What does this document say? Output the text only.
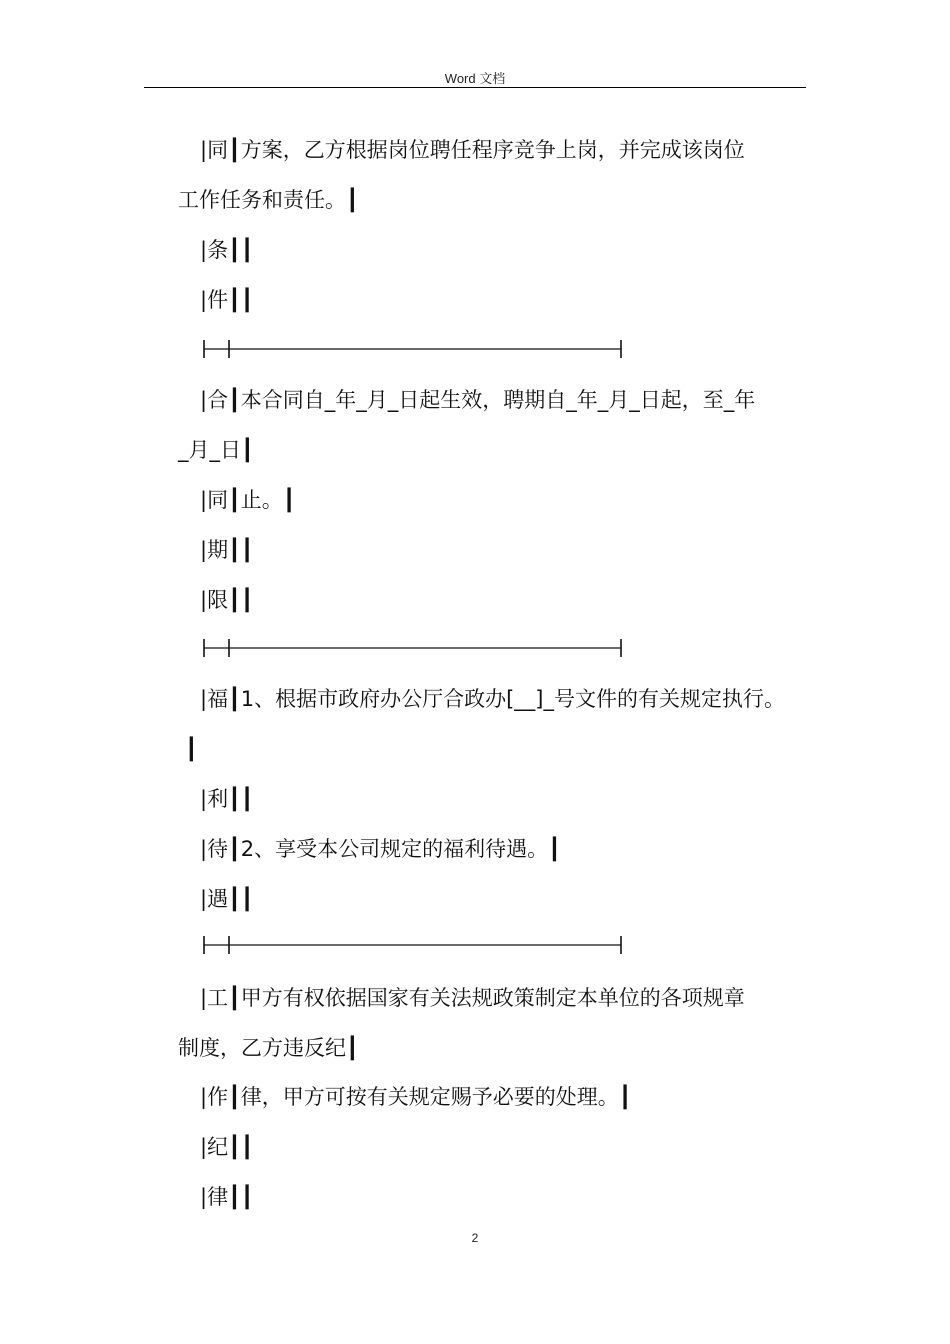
Word 文档
|同┃方案，乙方根据岗位聘任程序竞争上岗，并完成该岗位
工作任务和责任。┃
|条┃┃
|件┃┃
|合┃本合同自_年_月_日起生效，聘期自_年_月_日起，至_年
_月_日┃
|同┃止。┃
|期┃┃
|限┃┃
|福┃1、根据市政府办公厅合政办[__]_号文件的有关规定执行。
┃
|利┃┃
|待┃2、享受本公司规定的福利待遇。┃
|遇┃┃
|工┃甲方有权依据国家有关法规政策制定本单位的各项规章
制度，乙方违反纪┃
|作┃律，甲方可按有关规定赐予必要的处理。┃
|纪┃┃
|律┃┃
2
